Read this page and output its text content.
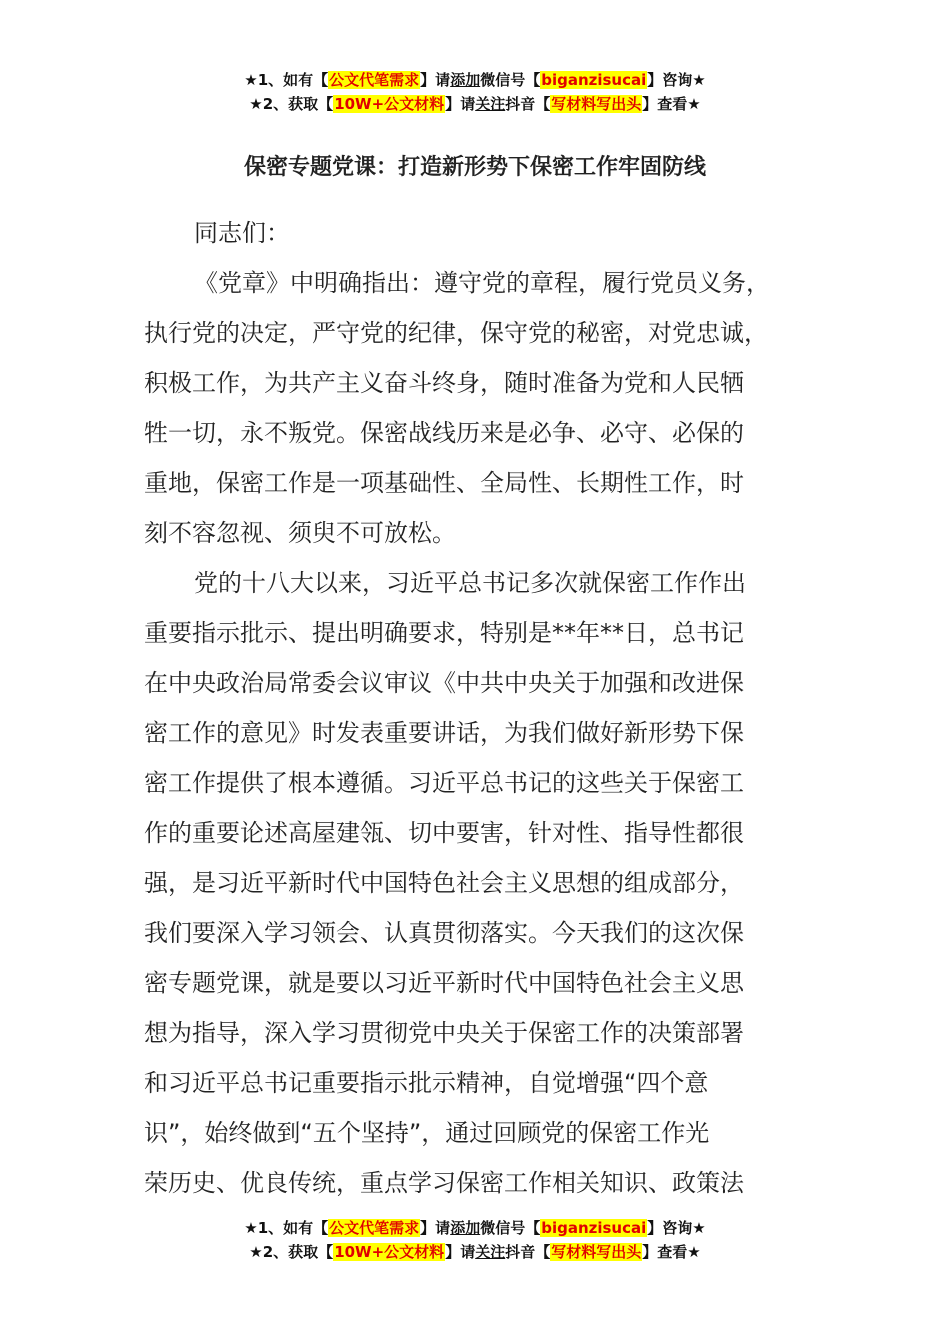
★1、如有【公文代笔需求】请添加微信号【biganzisucai】咨询★
★2、获取【10W+公文材料】请关注抖音【写材料写出头】查看★
保密专题党课：打造新形势下保密工作牢固防线

同志们：

《党章》中明确指出：遵守党的章程，履行党员义务，
执行党的决定，严守党的纪律，保守党的秘密，对党忠诚，
积极工作，为共产主义奋斗终身，随时准备为党和人民牺
牲一切，永不叛党。保密战线历来是必争、必守、必保的
重地，保密工作是一项基础性、全局性、长期性工作，时
刻不容忽视、须臾不可放松。

党的十八大以来，习近平总书记多次就保密工作作出
重要指示批示、提出明确要求，特别是**年**日，总书记
在中央政治局常委会议审议《中共中央关于加强和改进保
密工作的意见》时发表重要讲话，为我们做好新形势下保
密工作提供了根本遵循。习近平总书记的这些关于保密工
作的重要论述高屋建瓴、切中要害，针对性、指导性都很
强，是习近平新时代中国特色社会主义思想的组成部分，
我们要深入学习领会、认真贯彻落实。今天我们的这次保
密专题党课，就是要以习近平新时代中国特色社会主义思
想为指导，深入学习贯彻党中央关于保密工作的决策部署
和习近平总书记重要指示批示精神，自觉增强“四个意
识”，始终做到“五个坚持”，通过回顾党的保密工作光
荣历史、优良传统，重点学习保密工作相关知识、政策法

★1、如有【公文代笔需求】请添加微信号【biganzisucai】咨询★
★2、获取【10W+公文材料】请关注抖音【写材料写出头】查看★
